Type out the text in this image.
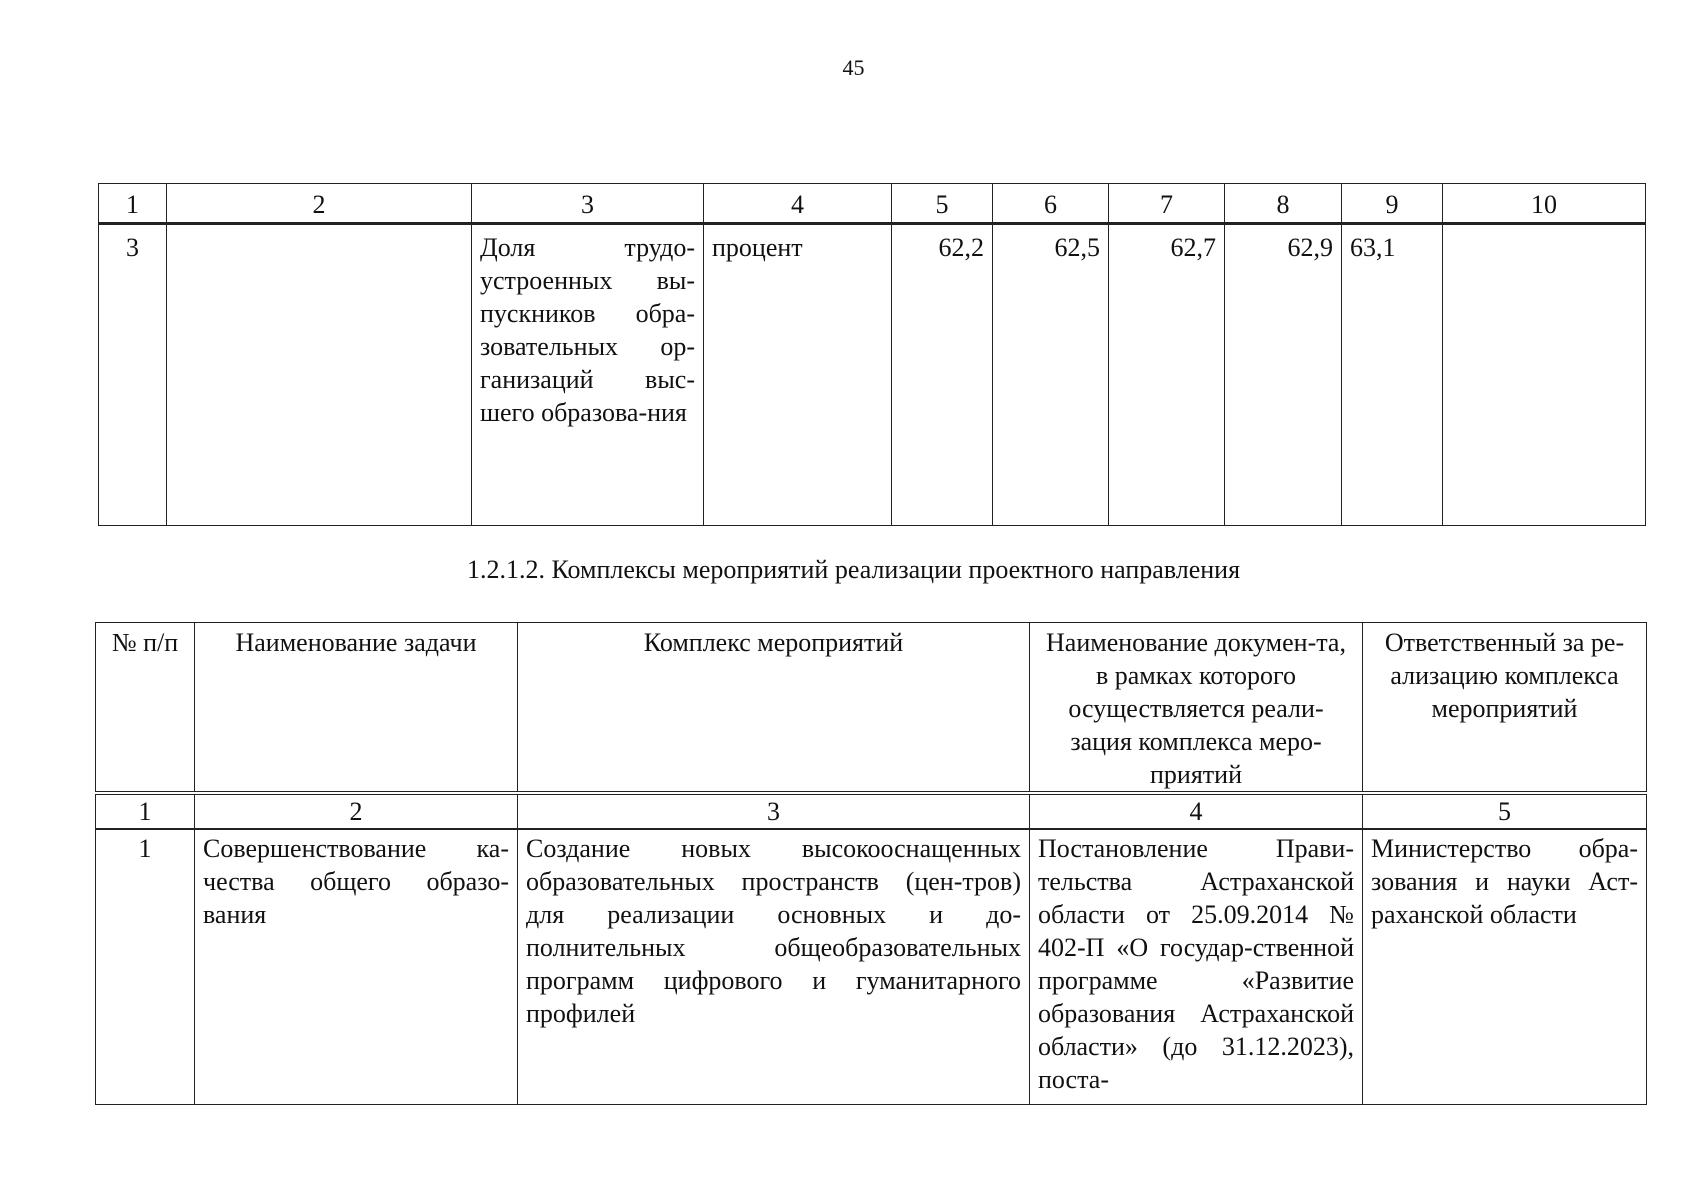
45
1	2	3	4	5	6	7	8	9	10
3		Доля трудо-устроенных вы-пускников обра-зовательных ор-ганизаций выс-шего образова-ния	процент	62,2	62,5	62,7	62,9	63,1	
1.2.1.2. Комплексы мероприятий реализации проектного направления
№ п/п	Наименование задачи	Комплекс мероприятий	Наименование докумен-та, в рамках которого осуществляется реали-зация комплекса меро-приятий	Ответственный за ре-ализацию комплекса мероприятий
1	2	3	4	5
1	Совершенствование ка-чества общего образо-вания	Создание новых высокооснащенных образовательных пространств (цен-тров) для реализации основных и до-полнительных общеобразовательных программ цифрового и гуманитарного профилей	Постановление Прави-тельства Астраханской области от 25.09.2014 № 402-П «О государ-ственной программе «Развитие образования Астраханской области» (до 31.12.2023), поста-	Министерство обра-зования и науки Аст-раханской области
